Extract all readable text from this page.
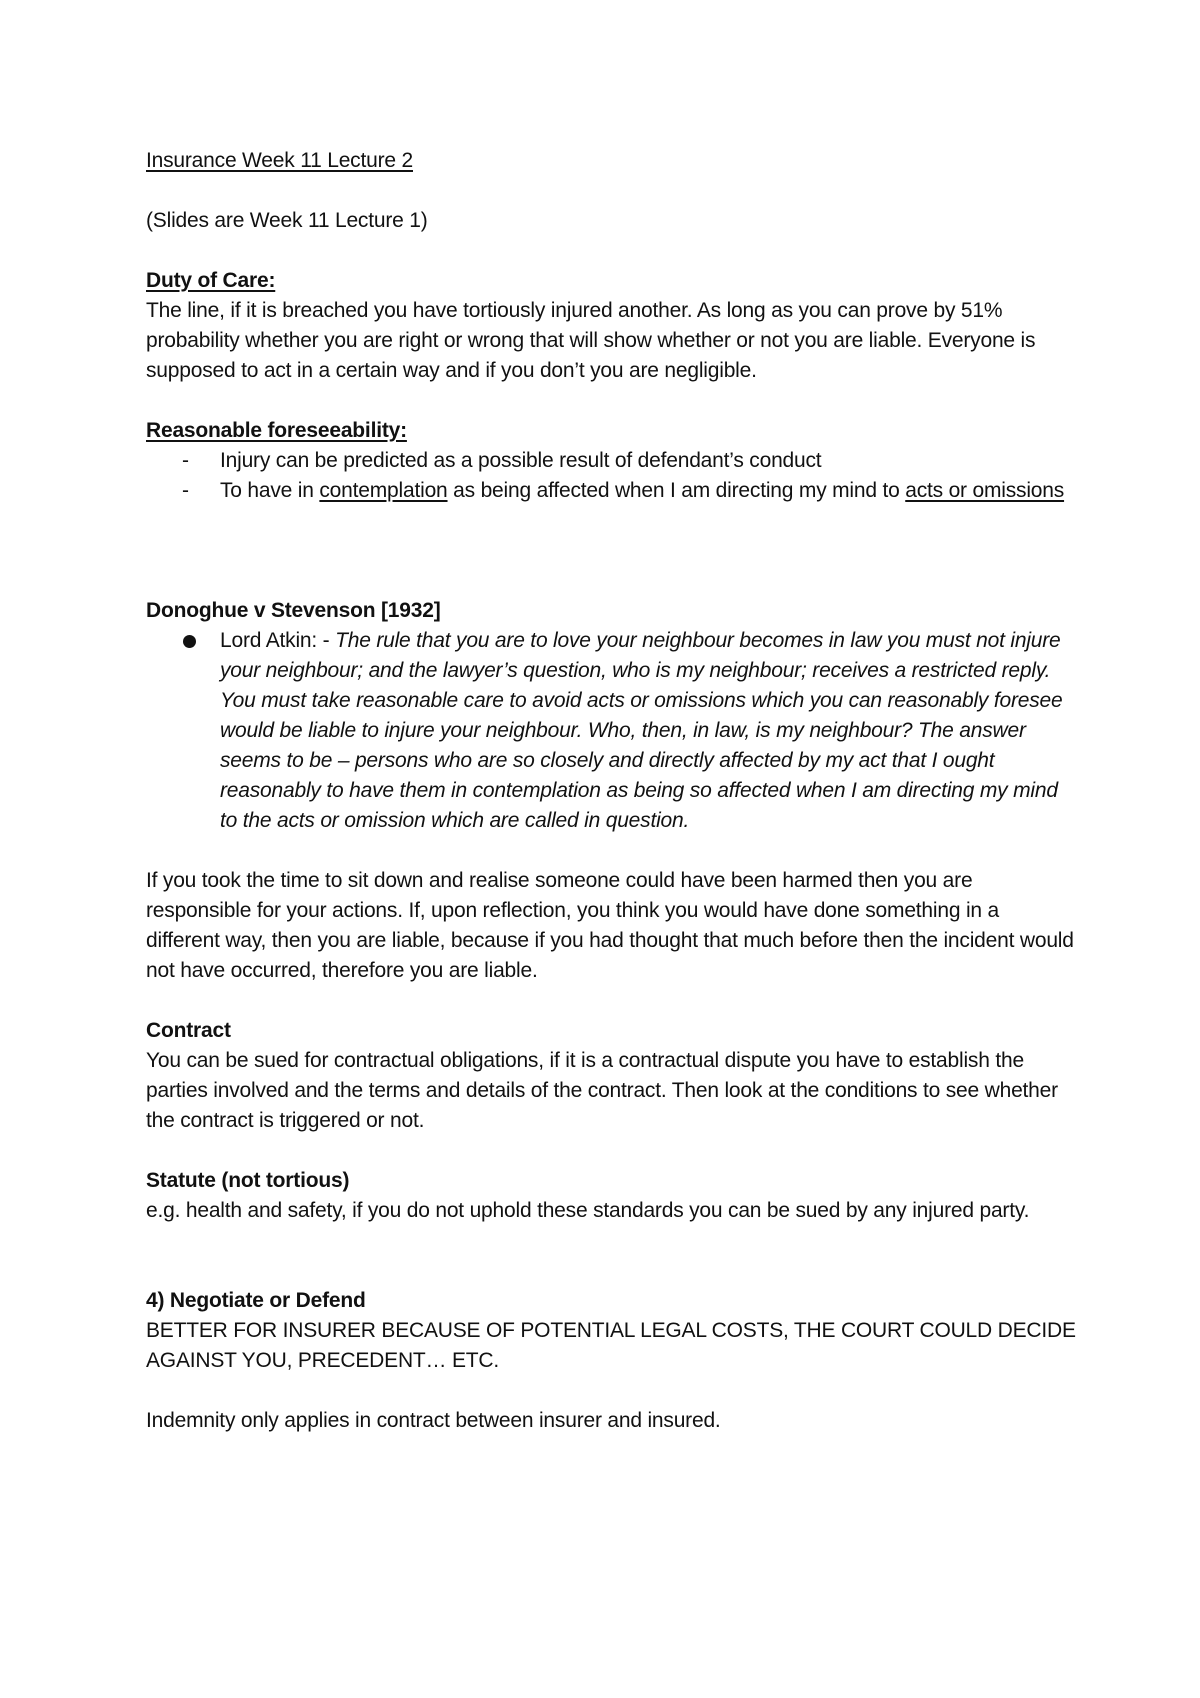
Insurance Week 11 Lecture 2

(Slides are Week 11 Lecture 1)

Duty of Care:

The line, if it is breached you have tortiously injured another. As long as you can prove by 51% probability whether you are right or wrong that will show whether or not you are liable. Everyone is supposed to act in a certain way and if you don’t you are negligible.

Reasonable foreseeability:

- Injury can be predicted as a possible result of defendant’s conduct
- To have in contemplation as being affected when I am directing my mind to acts or omissions

Donoghue v Stevenson [1932]

Lord Atkin: - The rule that you are to love your neighbour becomes in law you must not injure your neighbour; and the lawyer’s question, who is my neighbour; receives a restricted reply. You must take reasonable care to avoid acts or omissions which you can reasonably foresee would be liable to injure your neighbour. Who, then, in law, is my neighbour? The answer seems to be – persons who are so closely and directly affected by my act that I ought reasonably to have them in contemplation as being so affected when I am directing my mind to the acts or omission which are called in question.

If you took the time to sit down and realise someone could have been harmed then you are responsible for your actions. If, upon reflection, you think you would have done something in a different way, then you are liable, because if you had thought that much before then the incident would not have occurred, therefore you are liable.

Contract

You can be sued for contractual obligations, if it is a contractual dispute you have to establish the parties involved and the terms and details of the contract. Then look at the conditions to see whether the contract is triggered or not.

Statute (not tortious)

e.g. health and safety, if you do not uphold these standards you can be sued by any injured party.

4) Negotiate or Defend

BETTER FOR INSURER BECAUSE OF POTENTIAL LEGAL COSTS, THE COURT COULD DECIDE AGAINST YOU, PRECEDENT… ETC.

Indemnity only applies in contract between insurer and insured.
